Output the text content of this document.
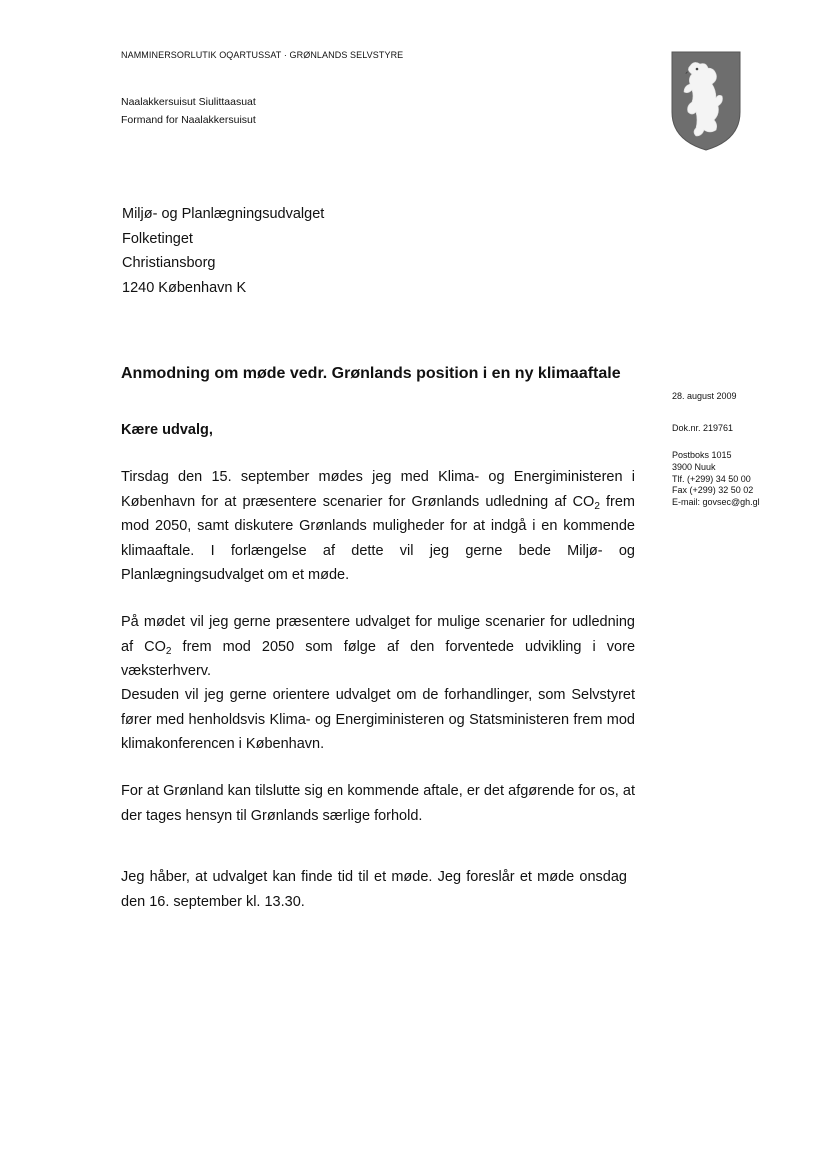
NAMMINERSORLUTIK OQARTUSSAT · GRØNLANDS SELVSTYRE
Naalakkersuisut Siulittaasuat
Formand for Naalakkersuisut
Miljø- og Planlægningsudvalget
Folketinget
Christiansborg
1240 København K
Anmodning om møde vedr. Grønlands position i en ny klimaaftale
28. august 2009
Dok.nr. 219761
Postboks 1015
3900 Nuuk
Tlf. (+299) 34 50 00
Fax (+299) 32 50 02
E-mail: govsec@gh.gl
Kære udvalg,
Tirsdag den 15. september mødes jeg med Klima- og Energiministeren i København for at præsentere scenarier for Grønlands udledning af $CO_2$ frem mod 2050, samt diskutere Grønlands muligheder for at indgå i en kommende klimaaftale. I forlængelse af dette vil jeg gerne bede Miljø- og Planlægningsudvalget om et møde.
På mødet vil jeg gerne præsentere udvalget for mulige scenarier for udledning af $CO_2$ frem mod 2050 som følge af den forventede udvikling i vore væksterhverv.
Desuden vil jeg gerne orientere udvalget om de forhandlinger, som Selvstyret fører med henholdsvis Klima- og Energiministeren og Statsministeren frem mod klimakonferencen i København.
For at Grønland kan tilslutte sig en kommende aftale, er det afgørende for os, at der tages hensyn til Grønlands særlige forhold.
Jeg håber, at udvalget kan finde tid til et møde. Jeg foreslår et møde onsdag den 16. september kl. 13.30.
